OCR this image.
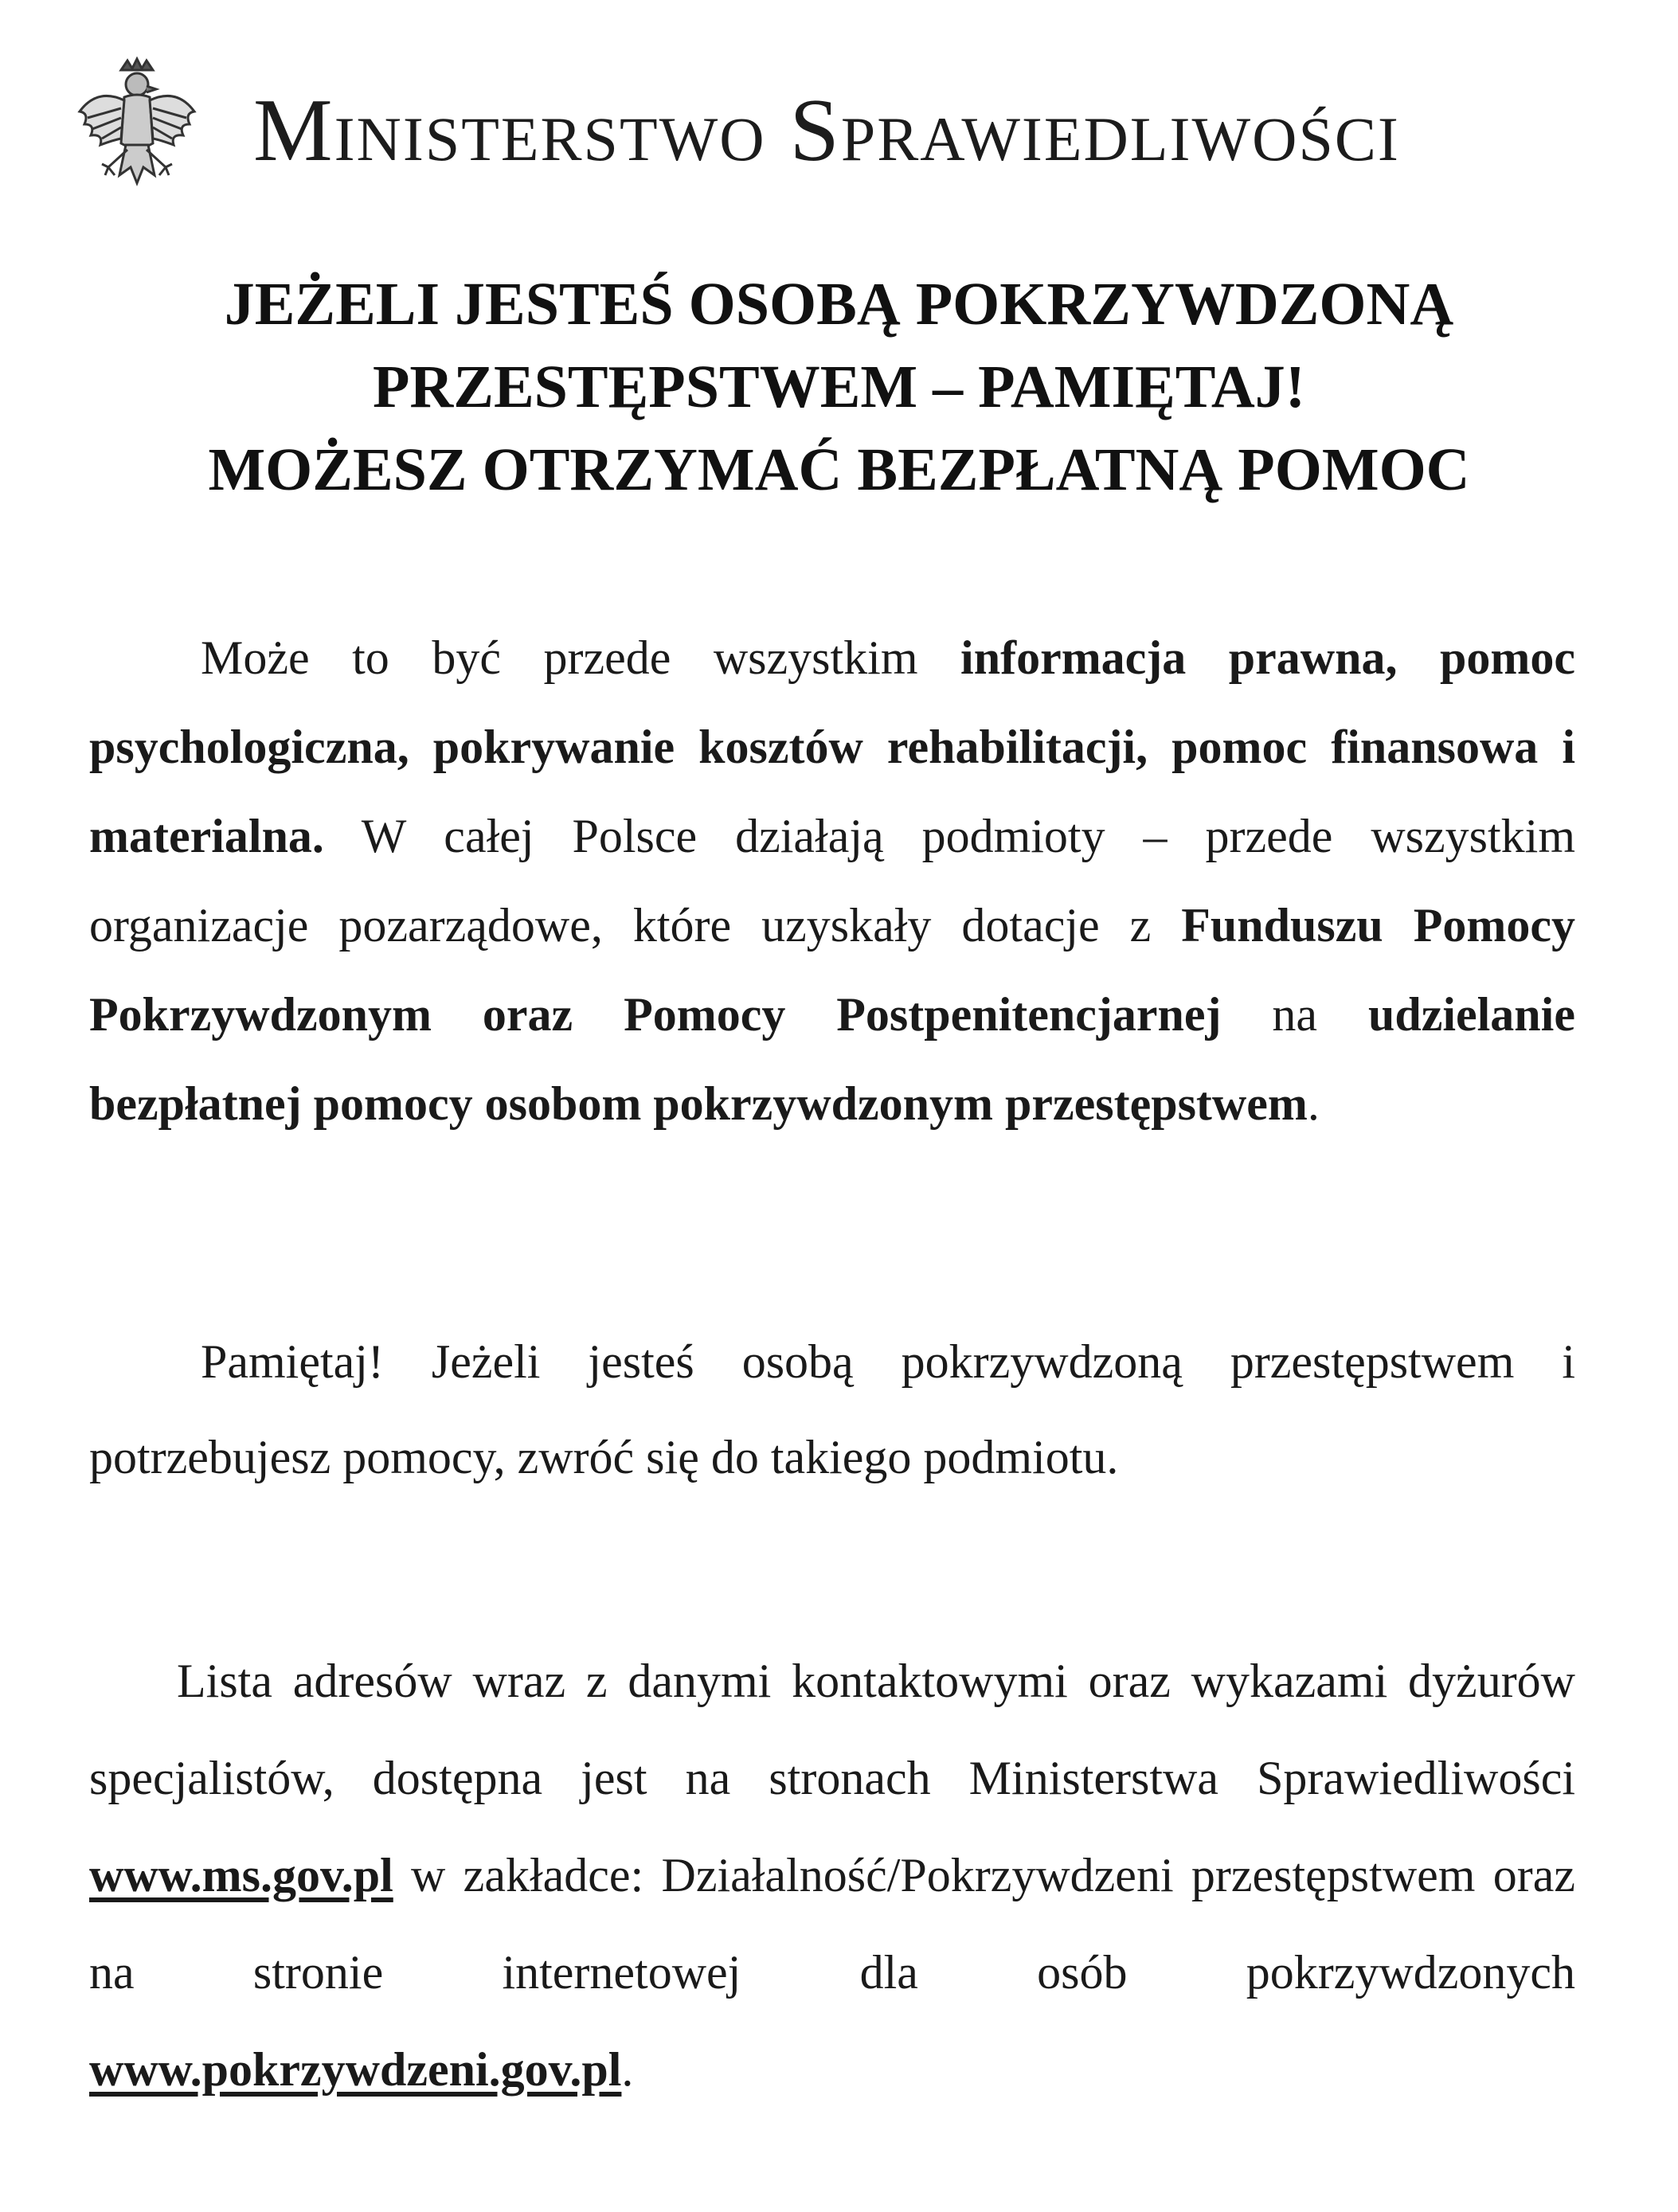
Ministerstwo Sprawiedliwości
JEŻELI JESTEŚ OSOBĄ POKRZYWDZONĄ
PRZESTĘPSTWEM – PAMIĘTAJ!
MOŻESZ OTRZYMAĆ BEZPŁATNĄ POMOC
Może to być przede wszystkim informacja prawna, pomoc psychologiczna, pokrywanie kosztów rehabilitacji, pomoc finansowa i materialna. W całej Polsce działają podmioty – przede wszystkim organizacje pozarządowe, które uzyskały dotacje z Funduszu Pomocy Pokrzywdzonym oraz Pomocy Postpenitencjarnej na udzielanie bezpłatnej pomocy osobom pokrzywdzonym przestępstwem.
Pamiętaj! Jeżeli jesteś osobą pokrzywdzoną przestępstwem i potrzebujesz pomocy, zwróć się do takiego podmiotu.
Lista adresów wraz z danymi kontaktowymi oraz wykazami dyżurów specjalistów, dostępna jest na stronach Ministerstwa Sprawiedliwości www.ms.gov.pl w zakładce: Działalność/Pokrzywdzeni przestępstwem oraz na stronie internetowej dla osób pokrzywdzonych www.pokrzywdzeni.gov.pl.
